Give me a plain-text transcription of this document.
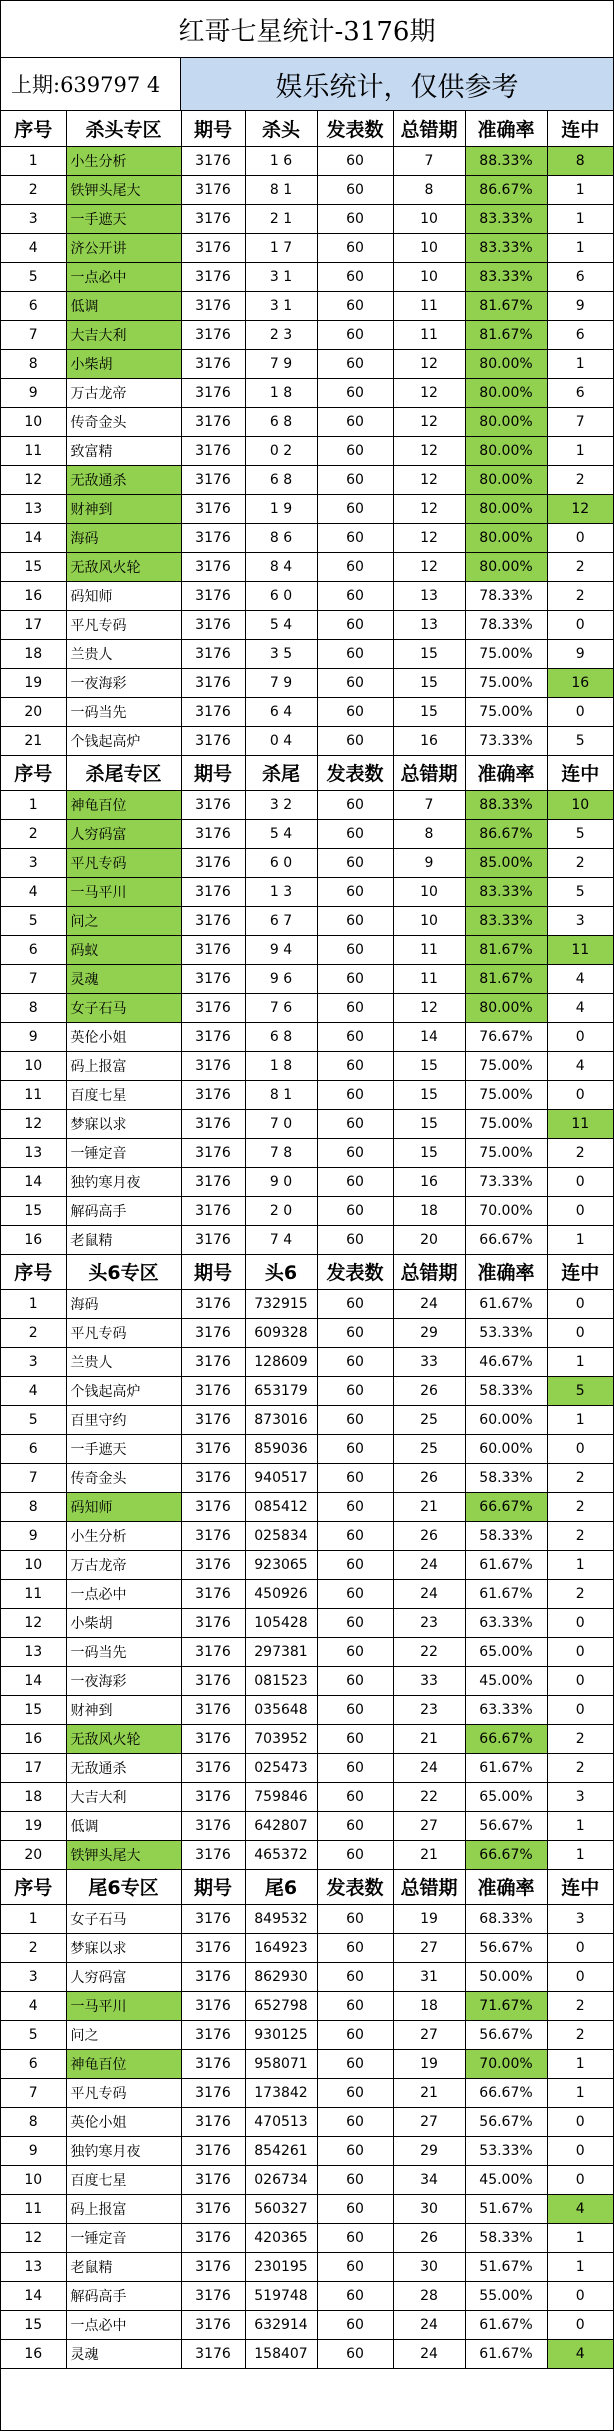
红哥七星统计-3176期
上期:639797 4	娱乐统计，仅供参考
序号	杀头专区	期号	杀头	发表数	总错期	准确率	连中
1	小生分析	3176	1 6	60	7	88.33%	8
2	铁钾头尾大	3176	8 1	60	8	86.67%	1
3	一手遮天	3176	2 1	60	10	83.33%	1
4	济公开讲	3176	1 7	60	10	83.33%	1
5	一点必中	3176	3 1	60	10	83.33%	6
6	低调	3176	3 1	60	11	81.67%	9
7	大吉大利	3176	2 3	60	11	81.67%	6
8	小柴胡	3176	7 9	60	12	80.00%	1
9	万古龙帝	3176	1 8	60	12	80.00%	6
10	传奇金头	3176	6 8	60	12	80.00%	7
11	致富精	3176	0 2	60	12	80.00%	1
12	无敌通杀	3176	6 8	60	12	80.00%	2
13	财神到	3176	1 9	60	12	80.00%	12
14	海码	3176	8 6	60	12	80.00%	0
15	无敌风火轮	3176	8 4	60	12	80.00%	2
16	码知师	3176	6 0	60	13	78.33%	2
17	平凡专码	3176	5 4	60	13	78.33%	0
18	兰贵人	3176	3 5	60	15	75.00%	9
19	一夜海彩	3176	7 9	60	15	75.00%	16
20	一码当先	3176	6 4	60	15	75.00%	0
21	个钱起高炉	3176	0 4	60	16	73.33%	5
序号	杀尾专区	期号	杀尾	发表数	总错期	准确率	连中
1	神龟百位	3176	3 2	60	7	88.33%	10
2	人穷码富	3176	5 4	60	8	86.67%	5
3	平凡专码	3176	6 0	60	9	85.00%	2
4	一马平川	3176	1 3	60	10	83.33%	5
5	问之	3176	6 7	60	10	83.33%	3
6	码蚁	3176	9 4	60	11	81.67%	11
7	灵魂	3176	9 6	60	11	81.67%	4
8	女子石马	3176	7 6	60	12	80.00%	4
9	英伦小姐	3176	6 8	60	14	76.67%	0
10	码上报富	3176	1 8	60	15	75.00%	4
11	百度七星	3176	8 1	60	15	75.00%	0
12	梦寐以求	3176	7 0	60	15	75.00%	11
13	一锤定音	3176	7 8	60	15	75.00%	2
14	独钓寒月夜	3176	9 0	60	16	73.33%	0
15	解码高手	3176	2 0	60	18	70.00%	0
16	老鼠精	3176	7 4	60	20	66.67%	1
序号	头6专区	期号	头6	发表数	总错期	准确率	连中
1	海码	3176	732915	60	24	61.67%	0
2	平凡专码	3176	609328	60	29	53.33%	0
3	兰贵人	3176	128609	60	33	46.67%	1
4	个钱起高炉	3176	653179	60	26	58.33%	5
5	百里守约	3176	873016	60	25	60.00%	1
6	一手遮天	3176	859036	60	25	60.00%	0
7	传奇金头	3176	940517	60	26	58.33%	2
8	码知师	3176	085412	60	21	66.67%	2
9	小生分析	3176	025834	60	26	58.33%	2
10	万古龙帝	3176	923065	60	24	61.67%	1
11	一点必中	3176	450926	60	24	61.67%	2
12	小柴胡	3176	105428	60	23	63.33%	0
13	一码当先	3176	297381	60	22	65.00%	0
14	一夜海彩	3176	081523	60	33	45.00%	0
15	财神到	3176	035648	60	23	63.33%	0
16	无敌风火轮	3176	703952	60	21	66.67%	2
17	无敌通杀	3176	025473	60	24	61.67%	2
18	大吉大利	3176	759846	60	22	65.00%	3
19	低调	3176	642807	60	27	56.67%	1
20	铁钾头尾大	3176	465372	60	21	66.67%	1
序号	尾6专区	期号	尾6	发表数	总错期	准确率	连中
1	女子石马	3176	849532	60	19	68.33%	3
2	梦寐以求	3176	164923	60	27	56.67%	0
3	人穷码富	3176	862930	60	31	50.00%	0
4	一马平川	3176	652798	60	18	71.67%	2
5	问之	3176	930125	60	27	56.67%	2
6	神龟百位	3176	958071	60	19	70.00%	1
7	平凡专码	3176	173842	60	21	66.67%	1
8	英伦小姐	3176	470513	60	27	56.67%	0
9	独钓寒月夜	3176	854261	60	29	53.33%	0
10	百度七星	3176	026734	60	34	45.00%	0
11	码上报富	3176	560327	60	30	51.67%	4
12	一锤定音	3176	420365	60	26	58.33%	1
13	老鼠精	3176	230195	60	30	51.67%	1
14	解码高手	3176	519748	60	28	55.00%	0
15	一点必中	3176	632914	60	24	61.67%	0
16	灵魂	3176	158407	60	24	61.67%	4
